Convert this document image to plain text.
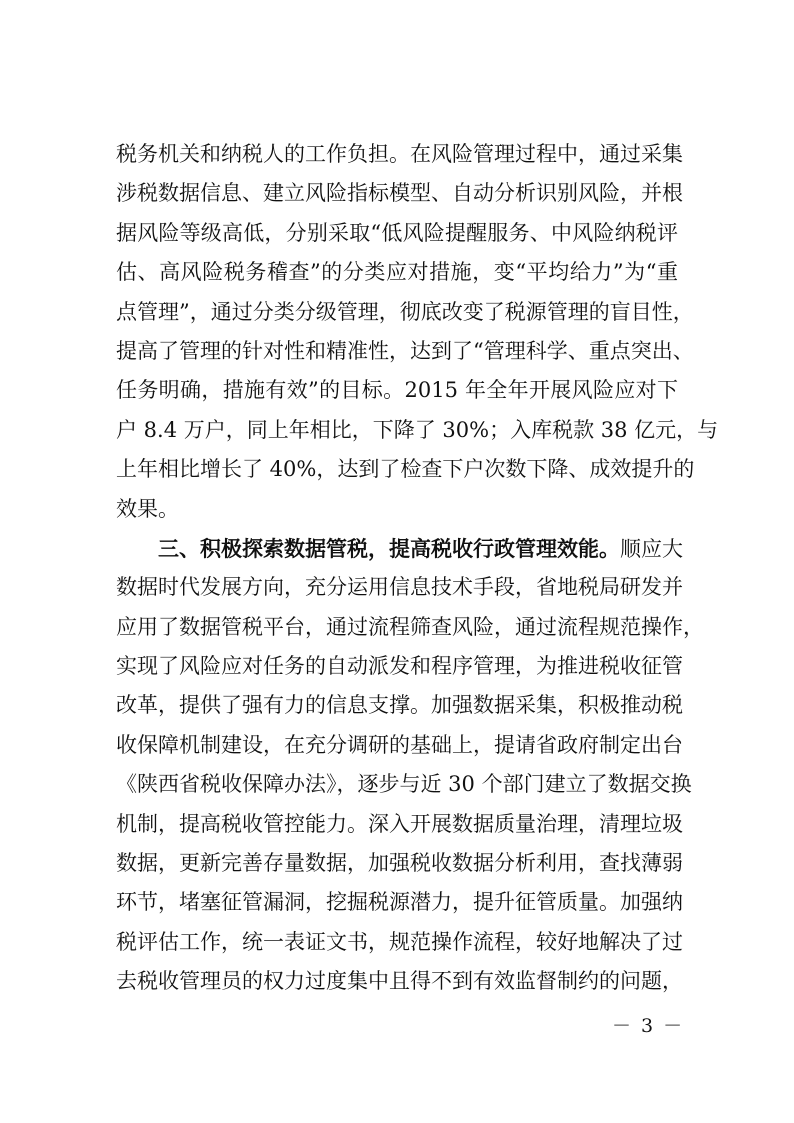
税务机关和纳税人的工作负担。在风险管理过程中，通过采集
涉税数据信息、建立风险指标模型、自动分析识别风险，并根
据风险等级高低，分别采取“低风险提醒服务、中风险纳税评
估、高风险税务稽查”的分类应对措施，变“平均给力”为“重
点管理”，通过分类分级管理，彻底改变了税源管理的盲目性，
提高了管理的针对性和精准性，达到了“管理科学、重点突出、
任务明确，措施有效”的目标。2015 年全年开展风险应对下
户 8.4 万户，同上年相比，下降了 30%；入库税款 38 亿元，与
上年相比增长了 40%，达到了检查下户次数下降、成效提升的
效果。
三、积极探索数据管税，提高税收行政管理效能。顺应大
数据时代发展方向，充分运用信息技术手段，省地税局研发并
应用了数据管税平台，通过流程筛查风险，通过流程规范操作，
实现了风险应对任务的自动派发和程序管理，为推进税收征管
改革，提供了强有力的信息支撑。加强数据采集，积极推动税
收保障机制建设，在充分调研的基础上，提请省政府制定出台
《陕西省税收保障办法》，逐步与近 30 个部门建立了数据交换
机制，提高税收管控能力。深入开展数据质量治理，清理垃圾
数据，更新完善存量数据，加强税收数据分析利用，查找薄弱
环节，堵塞征管漏洞，挖掘税源潜力，提升征管质量。加强纳
税评估工作，统一表证文书，规范操作流程，较好地解决了过
去税收管理员的权力过度集中且得不到有效监督制约的问题，
－ 3 －
